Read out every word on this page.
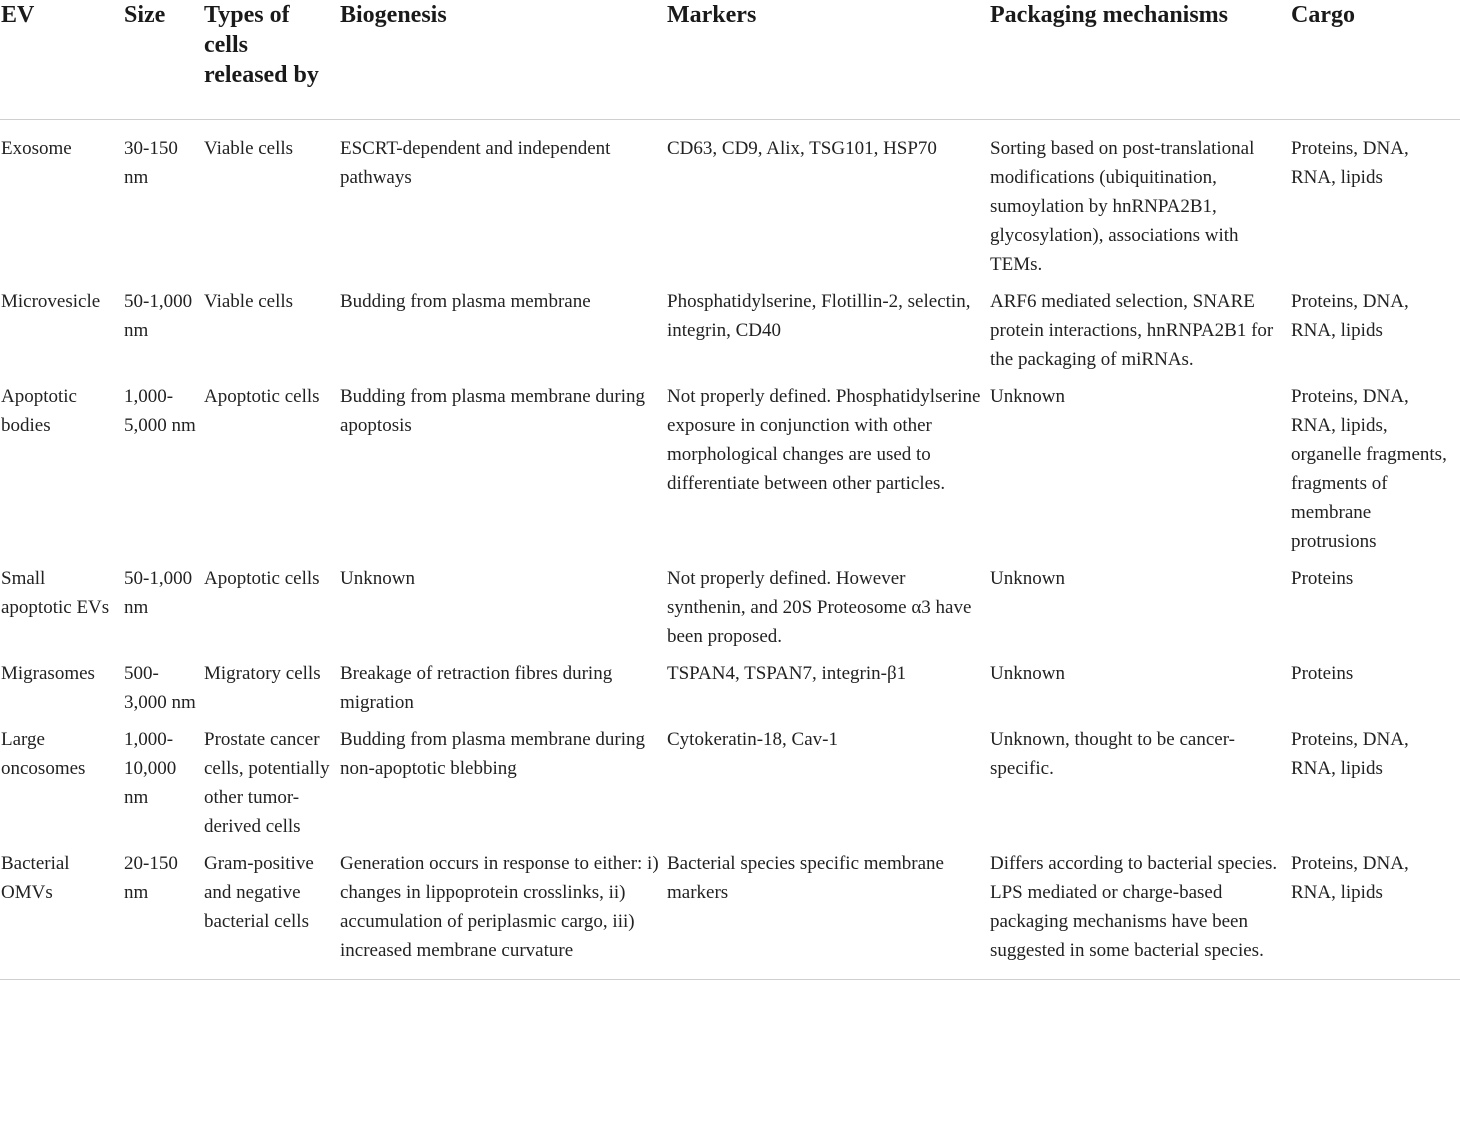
EV	Size	Types of cells released by	Biogenesis	Markers	Packaging mechanisms	Cargo
Exosome	30-150 nm	Viable cells	ESCRT-dependent and independent pathways	CD63, CD9, Alix, TSG101, HSP70	Sorting based on post-translational modifications (ubiquitination, sumoylation by hnRNPA2B1, glycosylation), associations with TEMs.	Proteins, DNA, RNA, lipids
Microvesicle	50-1,000 nm	Viable cells	Budding from plasma membrane	Phosphatidylserine, Flotillin-2, selectin, integrin, CD40	ARF6 mediated selection, SNARE protein interactions, hnRNPA2B1 for the packaging of miRNAs.	Proteins, DNA, RNA, lipids
Apoptotic bodies	1,000-5,000 nm	Apoptotic cells	Budding from plasma membrane during apoptosis	Not properly defined. Phosphatidylserine exposure in conjunction with other morphological changes are used to differentiate between other particles.	Unknown	Proteins, DNA, RNA, lipids, organelle fragments, fragments of membrane protrusions
Small apoptotic EVs	50-1,000 nm	Apoptotic cells	Unknown	Not properly defined. However synthenin, and 20S Proteosome α3 have been proposed.	Unknown	Proteins
Migrasomes	500-3,000 nm	Migratory cells	Breakage of retraction fibres during migration	TSPAN4, TSPAN7, integrin-β1	Unknown	Proteins
Large oncosomes	1,000-10,000 nm	Prostate cancer cells, potentially other tumor-derived cells	Budding from plasma membrane during non-apoptotic blebbing	Cytokeratin-18, Cav-1	Unknown, thought to be cancer-specific.	Proteins, DNA, RNA, lipids
Bacterial OMVs	20-150 nm	Gram-positive and negative bacterial cells	Generation occurs in response to either: i) changes in lippoprotein crosslinks, ii) accumulation of periplasmic cargo, iii) increased membrane curvature	Bacterial species specific membrane markers	Differs according to bacterial species. LPS mediated or charge-based packaging mechanisms have been suggested in some bacterial species.	Proteins, DNA, RNA, lipids
